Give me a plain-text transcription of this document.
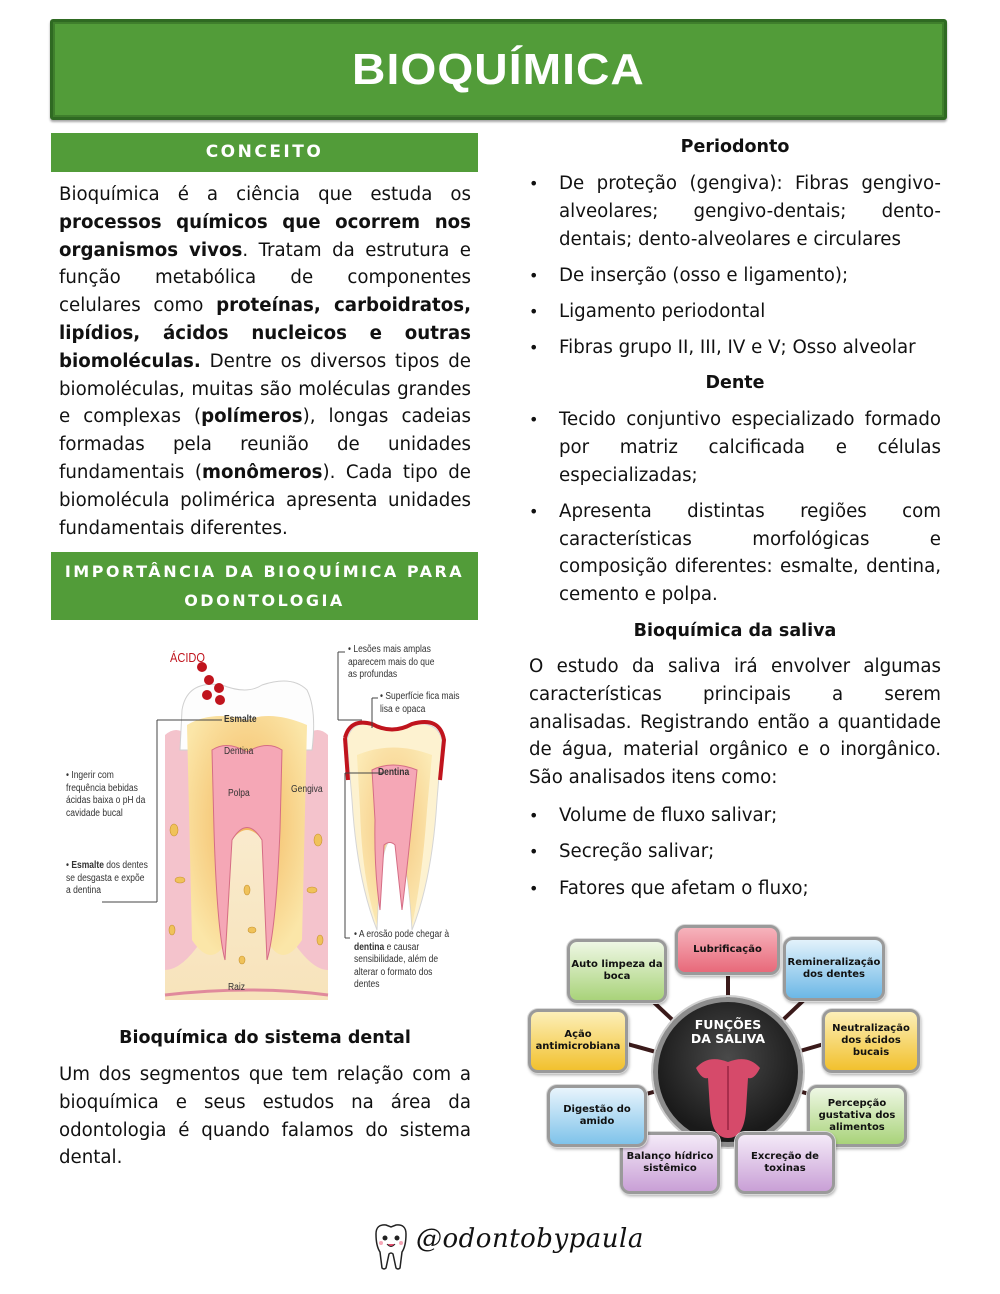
BIOQUÍMICA
CONCEITO

Bioquímica é a ciência que estuda os processos químicos que ocorrem nos organismos vivos. Tratam da estrutura e função metabólica de componentes celulares como proteínas, carboidratos, lipídios, ácidos nucleicos e outras biomoléculas. Dentre os diversos tipos de biomoléculas, muitas são moléculas grandes e complexas (polímeros), longas cadeias formadas pela reunião de unidades fundamentais (monômeros). Cada tipo de biomolécula polimérica apresenta unidades fundamentais diferentes.

IMPORTÂNCIA DA BIOQUÍMICA PARA
ODONTOLOGIA
ÁCIDO
Esmalte
Dentina
Polpa	Gengiva
Raiz
Dentina
• Lesões mais amplas aparecem mais do que as profundas
• Superfície fica mais lisa e opaca
• Ingerir com frequência bebidas ácidas baixa o pH da cavidade bucal
• Esmalte dos dentes se desgasta e expõe a dentina
• A erosão pode chegar à dentina e causar sensibilidade, além de alterar o formato dos dentes
Bioquímica do sistema dental

Um dos segmentos que tem relação com a bioquímica e seus estudos na área da odontologia é quando falamos do sistema dental.

Periodonto
• De proteção (gengiva): Fibras gengivo-alveolares; gengivo-dentais; dento-dentais; dento-alveolares e circulares
• De inserção (osso e ligamento);
• Ligamento periodontal
• Fibras grupo II, III, IV e V; Osso alveolar
Dente
• Tecido conjuntivo especializado formado por matriz calcificada e células especializadas;
• Apresenta distintas regiões com características morfológicas e composição diferentes: esmalte, dentina, cemento e polpa.
Bioquímica da saliva

O estudo da saliva irá envolver algumas características principais a serem analisadas. Registrando então a quantidade de água, material orgânico e o inorgânico. São analisados itens como:

• Volume de fluxo salivar;
• Secreção salivar;
• Fatores que afetam o fluxo;
FUNÇÕES
DA SALIVA
Lubrificação
Remineralização dos dentes
Neutralização dos ácidos bucais
Percepção gustativa dos alimentos
Excreção de toxinas
Balanço hídrico sistêmico
Digestão do amido
Ação antimicrobiana
Auto limpeza da boca
@odontobypaula
